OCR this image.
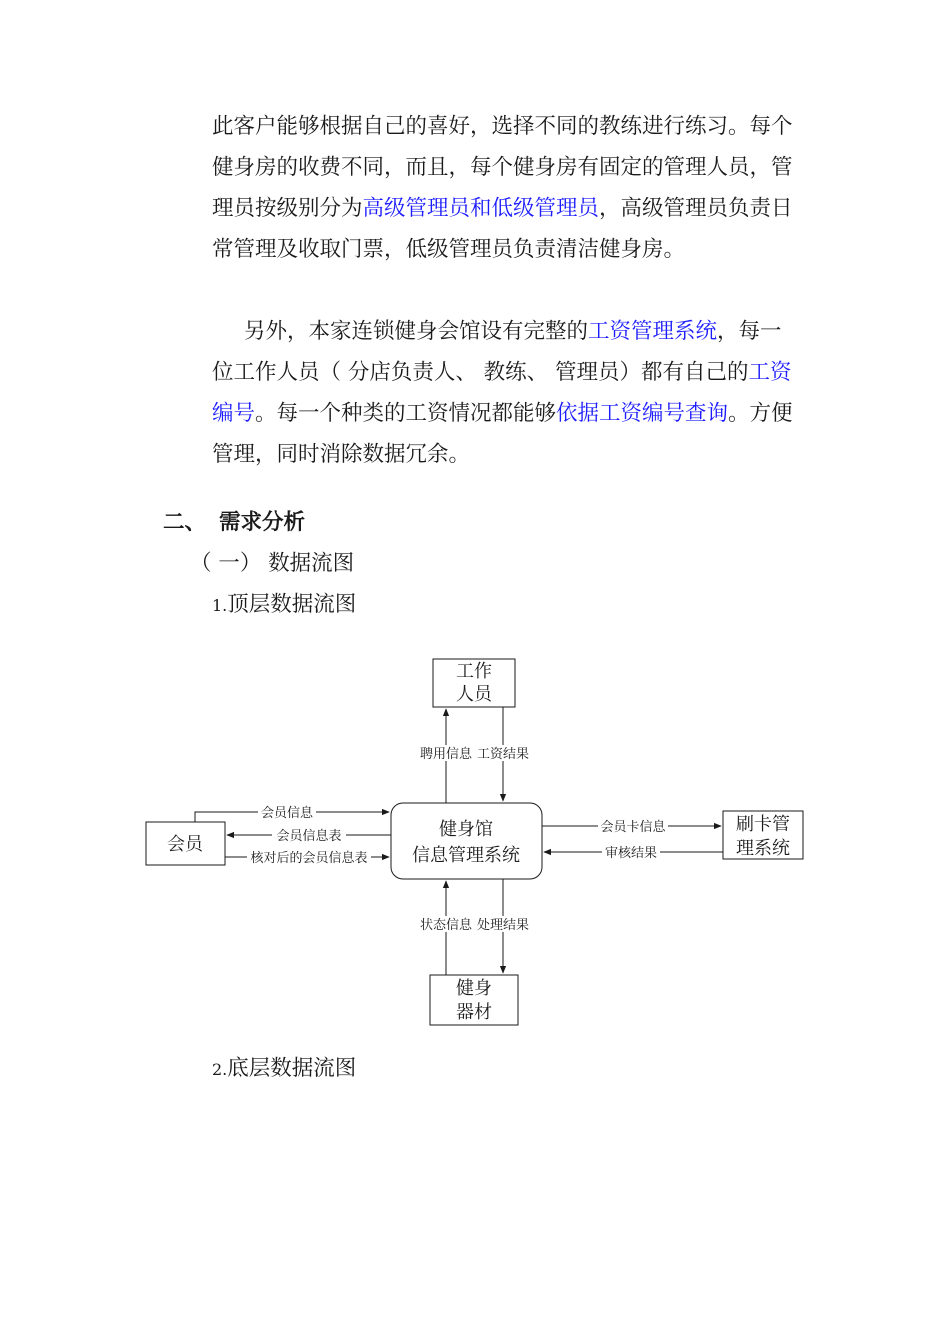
此客户能够根据自己的喜好，选择不同的教练进行练习。每个健身房的收费不同，而且，每个健身房有固定的管理人员，管理员按级别分为高级管理员和低级管理员，高级管理员负责日常管理及收取门票，低级管理员负责清洁健身房。

另外，本家连锁健身会馆设有完整的工资管理系统，每一位工作人员（ 分店负责人、 教练、 管理员）都有自己的工资编号。每一个种类的工资情况都能够依据工资编号查询。方便管理，同时消除数据冗余。

二、 需求分析
（ 一） 数据流图
1.顶层数据流图
2.底层数据流图
工作
人员
健身馆
信息管理系统
会员
刷卡管
理系统
健身
器材
聘用信息 工资结果
会员信息
会员信息表
核对后的会员信息表
会员卡信息
审核结果
状态信息 处理结果
